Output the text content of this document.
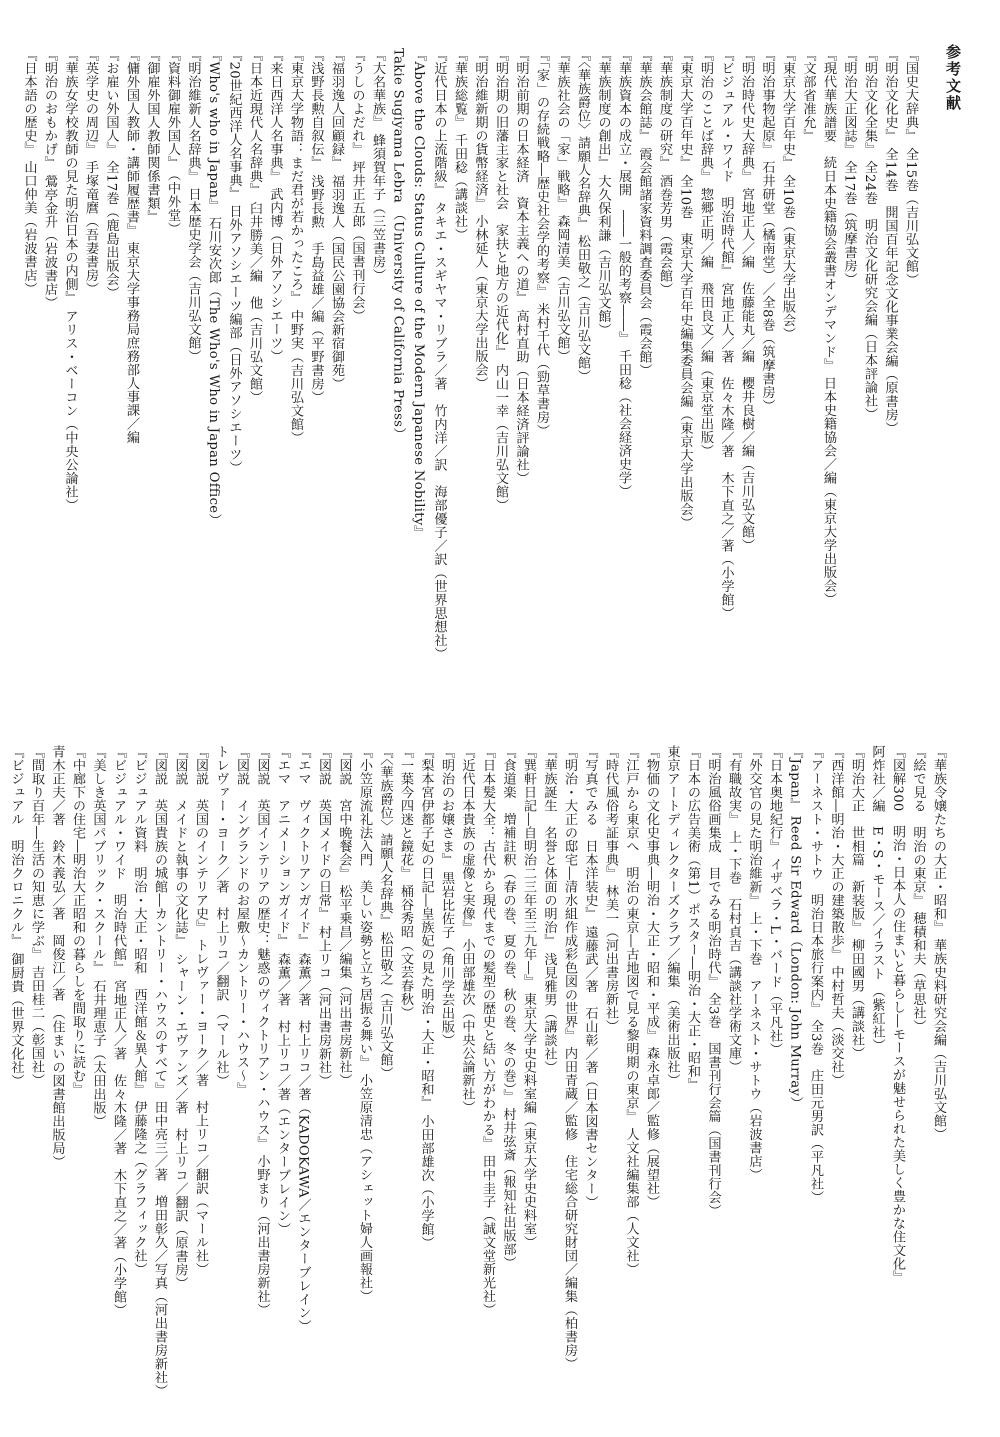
参考文献

『国史大辞典』全15巻（吉川弘文館）

『明治文化史』全14巻　開国百年記念文化事業会編（原書房）

『明治文化全集』全24巻　明治文化研究会編（日本評論社）

『明治大正図誌』全17巻（筑摩書房）

『現代華族譜要　続日本史籍協会叢書オンデマンド』日本史籍協会／編（東京大学出版会）

『文部省准允』

『東京大学百年史』全10巻（東京大学出版会）

『明治事物起原』石井研堂（橘南堂）／全8巻（筑摩書房）

『明治時代史大辞典』宮地正人／編　佐藤能丸／編　櫻井良樹／編（吉川弘文館）

『ビジュアル・ワイド　明治時代館』宮地正人／著　佐々木隆／著　木下直之／著（小学館）

『明治のことば辞典』惣郷正明／編　飛田良文／編（東京堂出版）

『東京大学百年史』全10巻　東京大学百年史編集委員会編（東京大学出版会）

『華族制度の研究』酒巻芳男（霞会館）

『華族会館誌』霞会館諸家資料調査委員会（霞会館）

『華族資本の成立・展開　――一般的考察――』千田稔（社会経済史学）

『華族制度の創出』大久保利謙（吉川弘文館）

『〈華族爵位〉請願人名辞典』松田敬之（吉川弘文館）

『華族社会の「家」戦略』森岡清美（吉川弘文館）

『「家」の存続戦略―歴史社会学的考察』米村千代（勁草書房）

『明治前期の日本経済　資本主義への道』高村直助（日本経済評論社）

『明治期の旧藩主家と社会　家扶と地方の近代化』内山一幸（吉川弘文館）

『明治維新期の貨幣経済』小林延人（東京大学出版会）

『華族総覧』千田稔（講談社）

『近代日本の上流階級』タキエ・スギヤマ・リブラ／著　竹内洋／訳　海部優子／訳（世界思想社）

『Above the Clouds: Status Culture of the Modern Japanese Nobility』

Takie Sugiyama Lebra（University of California Press）

『大名華族』蜂須賀年子（三笠書房）

『うしのよだれ』坪井正五郎（国書刊行会）

『福羽逸人回顧録』福羽逸人（国民公園協会新宿御苑）

『浅野長勲自叙伝』浅野長勲　手島益雄／編（平野書房）

『東京大学物語：まだ君が若かったころ』中野実（吉川弘文館）

『来日西洋人名事典』武内博（日外アソシエーツ）

『日本近現代人名辞典』臼井勝美／編　他（吉川弘文館）

『20世紀西洋人名事典』日外アソシエーツ編部（日外アソシエーツ）

『Who's who in Japan』石川安次郎（The Who's Who in Japan Office）

『明治維新人名辞典』日本歴史学会（吉川弘文館）

『資料御雇外国人』（中外堂）

『御雇外国人教師関係書類』

『傭外国人教師・講師履歴書』東京大学事務局庶務部人事課／編

『お雇い外国人』全17巻（鹿島出版会）

『英学史の周辺』手塚竜麿（吾妻書房）

『華族女学校教師の見た明治日本の内側』アリス・ベーコン（中央公論社）

『明治のおもかげ』鶯亭金升（岩波書店）

『日本語の歴史』山口仲美（岩波書店）

『華族令嬢たちの大正・昭和』華族史料研究会編（吉川弘文館）

『絵で見る　明治の東京』穂積和夫（草思社）

『図解300　明治・日本人の住まいと暮らし―モースが魅せられた美しく豊かな住文化』

阿炸社／編　E・S・モース／イラスト（紫紅社）

『明治大正　世相篇　新装版』柳田國男（講談社）

『西洋館―明治・大正の建築散歩』中村哲夫（淡交社）

『アーネスト・サトウ　明治日本旅行案内』全3巻　庄田元男訳（平凡社）

『Japan』Reed Sir Edward（London: John Murray）

『日本奥地紀行』イザベラ・L・バード（平凡社）

『外交官の見た明治維新』上・下巻　アーネスト・サトウ（岩波書店）

『有職故実』上・下巻　石村貞吉（講談社学術文庫）

『明治風俗画集成　目でみる明治時代』全3巻　国書刊行会篇（国書刊行会）

『日本の広告美術（第1）ポスター―明治・大正・昭和』

東京アートディレクターズクラブ／編集（美術出版社）

『物価の文化史事典―明治・大正・昭和・平成』森永卓郎／監修（展望社）

『江戸から東京へ　明治の東京―古地図で見る黎明期の東京』人文社編集部（人文社）

『時代風俗考証事典』林美一（河出書房新社）

『写真でみる　日本洋装史』遠藤武／著　石山彰／著（日本図書センター）

『明治・大正の邸宅―清水組作成彩色図の世界』内田青蔵／監修　住宅総合研究財団／編集（柏書房）

『華族誕生　名誉と体面の明治』浅見雅男（講談社）

『巽軒日記―自明治二三年至三九年―』東京大学史史料室編（東京大学史史料室）

『食道楽　増補註釈（春の巻、夏の巻、秋の巻、冬の巻）』村井弦斎（報知社出版部）

『日本髪大全：古代から現代までの髪型の歴史と結い方がわかる』田中圭子（誠文堂新光社）

『近代日本貴族の虚像と実像』小田部雄次（中央公論新社）

『明治のお嬢さま』黒岩比佐子（角川学芸出版）

『梨本宮伊都子妃の日記―皇族妃の見た明治・大正・昭和』小田部雄次（小学館）

『一葉今四迷と鏡花』桶谷秀昭（文芸春秋）

『〈華族爵位〉請願人名辞典』松田敬之（吉川弘文館）

『小笠原流礼法入門　美しい姿勢と立ち居振る舞い』小笠原清忠（アシェット婦人画報社）

『図説　宮中晩餐会』松平乗昌／編集（河出書房新社）

『図説　英国メイドの日常』村上リコ（河出書房新社）

『エマ　ヴィクトリアンガイド』森薫／著　村上リコ／著（KADOKAWA／エンターブレイン）

『エマ　アニメーションガイド』森薫／著　村上リコ／著（エンターブレイン）

『図説　英国インテリアの歴史：魅惑のヴィクトリアン・ハウス』小野まり（河出書房新社）

『図説　イングランドのお屋敷〜カントリー・ハウス〜』

トレヴァー・ヨーク／著　村上リコ／翻訳（マール社）

『図説　英国のインテリア史』トレヴァー・ヨーク／著　村上リコ／翻訳（マール社）

『図説　メイドと執事の文化誌』シャーン・エヴァンズ／著　村上リコ／翻訳（原書房）

『図説　英国貴族の城館―カントリー・ハウスのすべて』田中亮三／著　増田彰久／写真（河出書房新社）

『ビジュアル資料　明治・大正・昭和　西洋館＆異人館』伊藤隆之（グラフィック社）

『ビジュアル・ワイド　明治時代館』宮地正人／著　佐々木隆／著　木下直之／著（小学館）

『美しき英国パブリック・スクール』石井理恵子（太田出版）

『中廊下の住宅―明治大正昭和の暮らしを間取りに読む』

青木正夫／著　鈴木義弘／著　岡俊江／著（住まいの図書館出版局）

『間取り百年―生活の知恵に学ぶ』吉田桂二（彰国社）

『ビジュアル　明治クロニクル』御厨貴（世界文化社）
